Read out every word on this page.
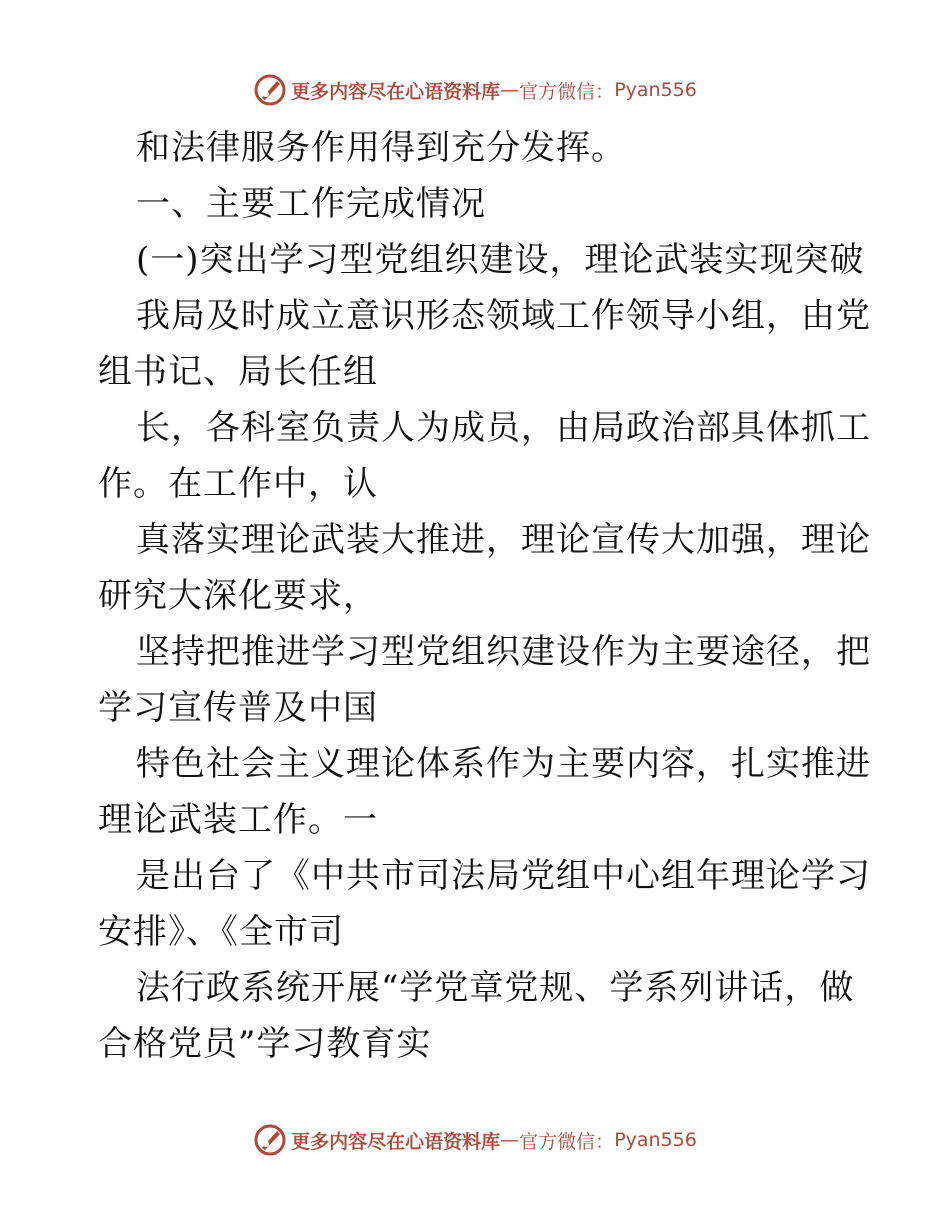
更多内容尽在心语资料库 — 官方微信： Pyan556
和法律服务作用得到充分发挥。
一、主要工作完成情况
(一)突出学习型党组织建设，理论武装实现突破
我局及时成立意识形态领域工作领导小组，由党
组书记、局长任组
长，各科室负责人为成员，由局政治部具体抓工
作。在工作中，认
真落实理论武装大推进，理论宣传大加强，理论
研究大深化要求，
坚持把推进学习型党组织建设作为主要途径，把
学习宣传普及中国
特色社会主义理论体系作为主要内容，扎实推进
理论武装工作。一
是出台了《中共市司法局党组中心组年理论学习
安排》、《全市司
法行政系统开展“学党章党规、学系列讲话，做
合格党员”学习教育实
更多内容尽在心语资料库 — 官方微信： Pyan556
